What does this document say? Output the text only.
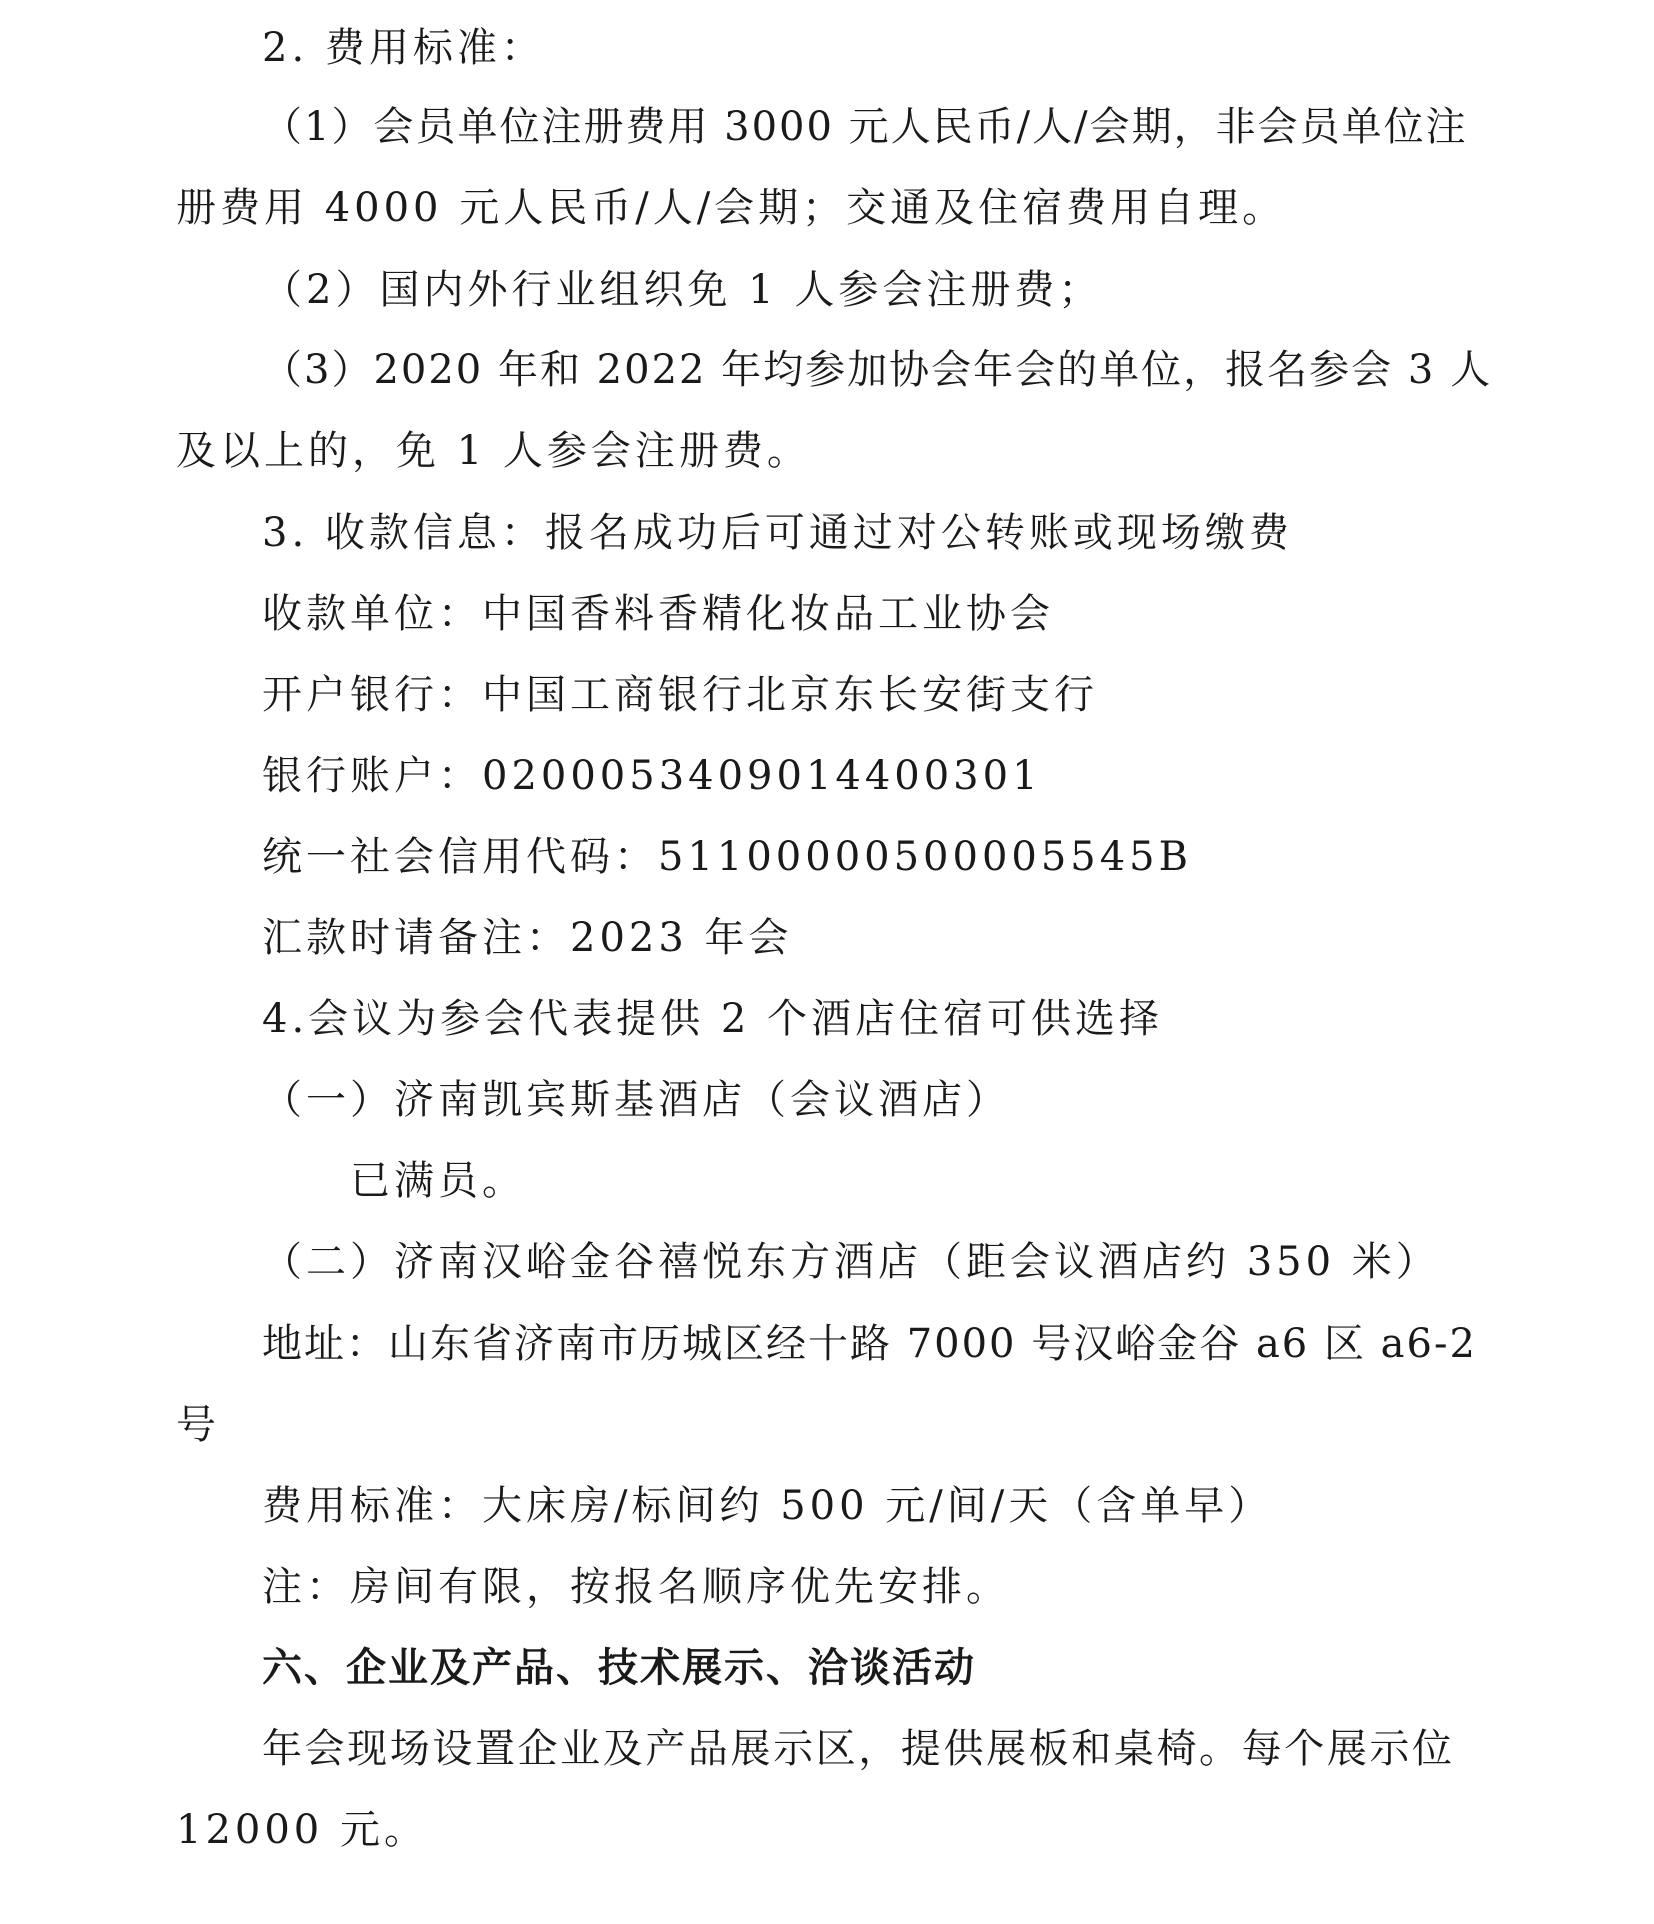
2. 费用标准：
（1）会员单位注册费用 3000 元人民币/人/会期，非会员单位注
册费用 4000 元人民币/人/会期；交通及住宿费用自理。
（2）国内外行业组织免 1 人参会注册费；
（3）2020 年和 2022 年均参加协会年会的单位，报名参会 3 人
及以上的，免 1 人参会注册费。
3. 收款信息：报名成功后可通过对公转账或现场缴费
收款单位：中国香料香精化妆品工业协会
开户银行：中国工商银行北京东长安街支行
银行账户：0200053409014400301
统一社会信用代码：51100000500005545B
汇款时请备注：2023 年会
4.会议为参会代表提供 2 个酒店住宿可供选择
（一）济南凯宾斯基酒店（会议酒店）
已满员。
（二）济南汉峪金谷禧悦东方酒店（距会议酒店约 350 米）
地址：山东省济南市历城区经十路 7000 号汉峪金谷 a6 区 a6-2
号
费用标准：大床房/标间约 500 元/间/天（含单早）
注：房间有限，按报名顺序优先安排。
六、企业及产品、技术展示、洽谈活动
年会现场设置企业及产品展示区，提供展板和桌椅。每个展示位
12000 元。
